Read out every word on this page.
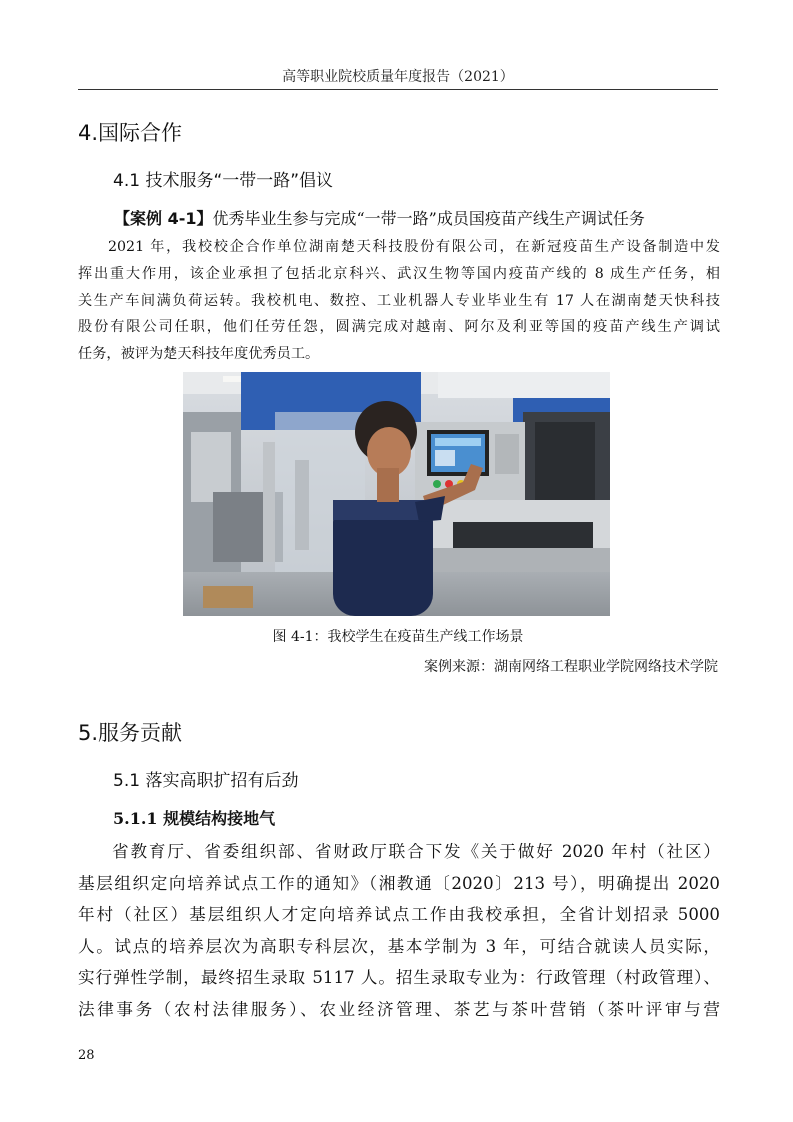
高等职业院校质量年度报告（2021）
4.国际合作
4.1 技术服务“一带一路”倡议
【案例 4-1】优秀毕业生参与完成“一带一路”成员国疫苗产线生产调试任务
2021 年，我校校企合作单位湖南楚天科技股份有限公司，在新冠疫苗生产设备制造中发
挥出重大作用，该企业承担了包括北京科兴、武汉生物等国内疫苗产线的 8 成生产任务，相
关生产车间满负荷运转。我校机电、数控、工业机器人专业毕业生有 17 人在湖南楚天快科技
股份有限公司任职，他们任劳任怨，圆满完成对越南、阿尔及利亚等国的疫苗产线生产调试
任务，被评为楚天科技年度优秀员工。
图 4-1：我校学生在疫苗生产线工作场景
案例来源：湖南网络工程职业学院网络技术学院
5.服务贡献
5.1 落实高职扩招有后劲
5.1.1 规模结构接地气
省教育厅、省委组织部、省财政厅联合下发《关于做好 2020 年村（社区）
基层组织定向培养试点工作的通知》（湘教通〔2020〕213 号），明确提出 2020
年村（社区）基层组织人才定向培养试点工作由我校承担，全省计划招录 5000
人。试点的培养层次为高职专科层次，基本学制为 3 年，可结合就读人员实际，
实行弹性学制，最终招生录取 5117 人。招生录取专业为：行政管理（村政管理）、
法律事务（农村法律服务）、农业经济管理、茶艺与茶叶营销（茶叶评审与营
28
